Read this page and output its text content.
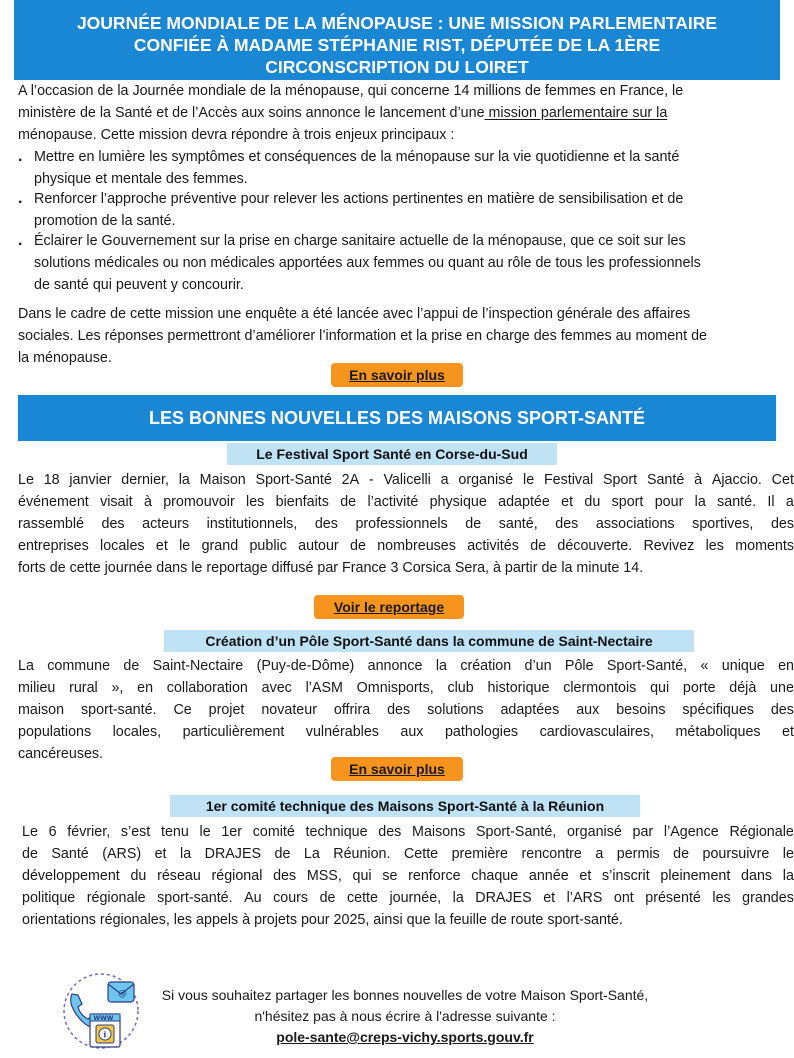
JOURNÉE MONDIALE DE LA MÉNOPAUSE : UNE MISSION PARLEMENTAIRE
CONFIÉE À MADAME STÉPHANIE RIST, DÉPUTÉE DE LA 1ÈRE
CIRCONSCRIPTION DU LOIRET
A l’occasion de la Journée mondiale de la ménopause, qui concerne 14 millions de femmes en France, le
ministère de la Santé et de l’Accès aux soins annonce le lancement d’une mission parlementaire sur la
ménopause. Cette mission devra répondre à trois enjeux principaux :
. Mettre en lumière les symptômes et conséquences de la ménopause sur la vie quotidienne et la santé
physique et mentale des femmes.
. Renforcer l’approche préventive pour relever les actions pertinentes en matière de sensibilisation et de
promotion de la santé.
. Éclairer le Gouvernement sur la prise en charge sanitaire actuelle de la ménopause, que ce soit sur les
solutions médicales ou non médicales apportées aux femmes ou quant au rôle de tous les professionnels
de santé qui peuvent y concourir.
Dans le cadre de cette mission une enquête a été lancée avec l’appui de l’inspection générale des affaires
sociales. Les réponses permettront d’améliorer l’information et la prise en charge des femmes au moment de
la ménopause.
En savoir plus
LES BONNES NOUVELLES DES MAISONS SPORT-SANTÉ
Le Festival Sport Santé en Corse-du-Sud
Le 18 janvier dernier, la Maison Sport-Santé 2A - Valicelli a organisé le Festival Sport Santé à Ajaccio. Cet
événement visait à promouvoir les bienfaits de l’activité physique adaptée et du sport pour la santé. Il a
rassemblé des acteurs institutionnels, des professionnels de santé, des associations sportives, des
entreprises locales et le grand public autour de nombreuses activités de découverte. Revivez les moments
forts de cette journée dans le reportage diffusé par France 3 Corsica Sera, à partir de la minute 14.
Voir le reportage
Création d’un Pôle Sport-Santé dans la commune de Saint-Nectaire
La commune de Saint-Nectaire (Puy-de-Dôme) annonce la création d’un Pôle Sport-Santé, « unique en
milieu rural », en collaboration avec l’ASM Omnisports, club historique clermontois qui porte déjà une
maison sport-santé. Ce projet novateur offrira des solutions adaptées aux besoins spécifiques des
populations locales, particulièrement vulnérables aux pathologies cardiovasculaires, métaboliques et
cancéreuses.
En savoir plus
1er comité technique des Maisons Sport-Santé à la Réunion
Le 6 février, s’est tenu le 1er comité technique des Maisons Sport-Santé, organisé par l’Agence Régionale
de Santé (ARS) et la DRAJES de La Réunion. Cette première rencontre a permis de poursuivre le
développement du réseau régional des MSS, qui se renforce chaque année et s’inscrit pleinement dans la
politique régionale sport-santé. Au cours de cette journée, la DRAJES et l’ARS ont présenté les grandes
orientations régionales, les appels à projets pour 2025, ainsi que la feuille de route sport-santé.
@
WWW
i
Si vous souhaitez partager les bonnes nouvelles de votre Maison Sport-Santé,
n'hésitez pas à nous écrire à l'adresse suivante :
pole-sante@creps-vichy.sports.gouv.fr
